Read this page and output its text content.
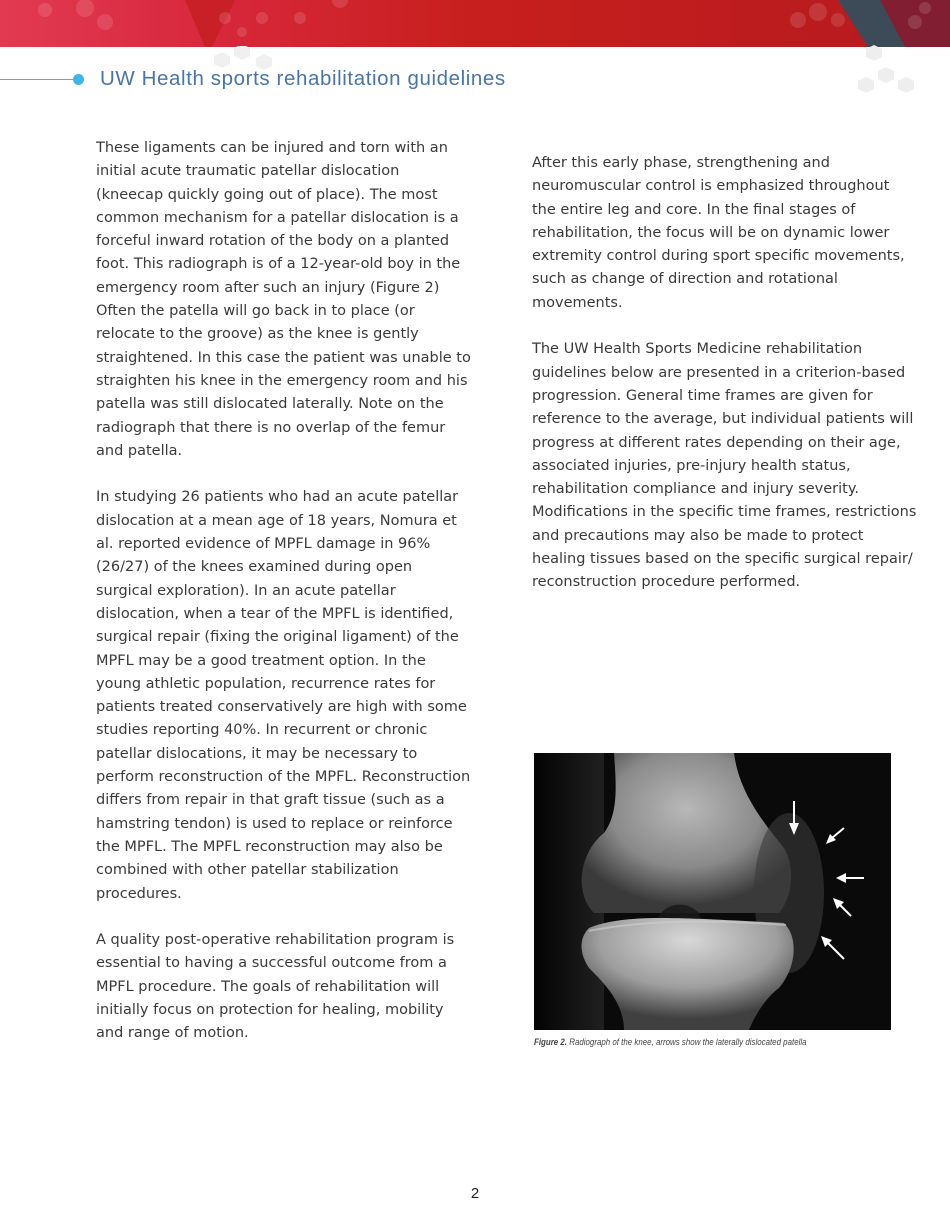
UW Health sports rehabilitation guidelines

These ligaments can be injured and torn with an initial acute traumatic patellar dislocation (kneecap quickly going out of place). The most common mechanism for a patellar dislocation is a forceful inward rotation of the body on a planted foot. This radiograph is of a 12-year-old boy in the emergency room after such an injury (Figure 2) Often the patella will go back in to place (or relocate to the groove) as the knee is gently straightened. In this case the patient was unable to straighten his knee in the emergency room and his patella was still dislocated laterally. Note on the radiograph that there is no overlap of the femur and patella.

In studying 26 patients who had an acute patellar dislocation at a mean age of 18 years, Nomura et al. reported evidence of MPFL damage in 96% (26/27) of the knees examined during open surgical exploration). In an acute patellar dislocation, when a tear of the MPFL is identified, surgical repair (fixing the original ligament) of the MPFL may be a good treatment option. In the young athletic population, recurrence rates for patients treated conservatively are high with some studies reporting 40%. In recurrent or chronic patellar dislocations, it may be necessary to perform reconstruction of the MPFL. Reconstruction differs from repair in that graft tissue (such as a hamstring tendon) is used to replace or reinforce the MPFL. The MPFL reconstruction may also be combined with other patellar stabilization procedures.

A quality post-operative rehabilitation program is essential to having a successful outcome from a MPFL procedure. The goals of rehabilitation will initially focus on protection for healing, mobility and range of motion.

After this early phase, strengthening and neuromuscular control is emphasized throughout the entire leg and core. In the final stages of rehabilitation, the focus will be on dynamic lower extremity control during sport specific movements, such as change of direction and rotational movements.

The UW Health Sports Medicine rehabilitation guidelines below are presented in a criterion-based progression. General time frames are given for reference to the average, but individual patients will progress at different rates depending on their age, associated injuries, pre-injury health status, rehabilitation compliance and injury severity. Modifications in the specific time frames, restrictions and precautions may also be made to protect healing tissues based on the specific surgical repair/ reconstruction procedure performed.

Figure 2. Radiograph of the knee, arrows show the laterally dislocated patella
2
